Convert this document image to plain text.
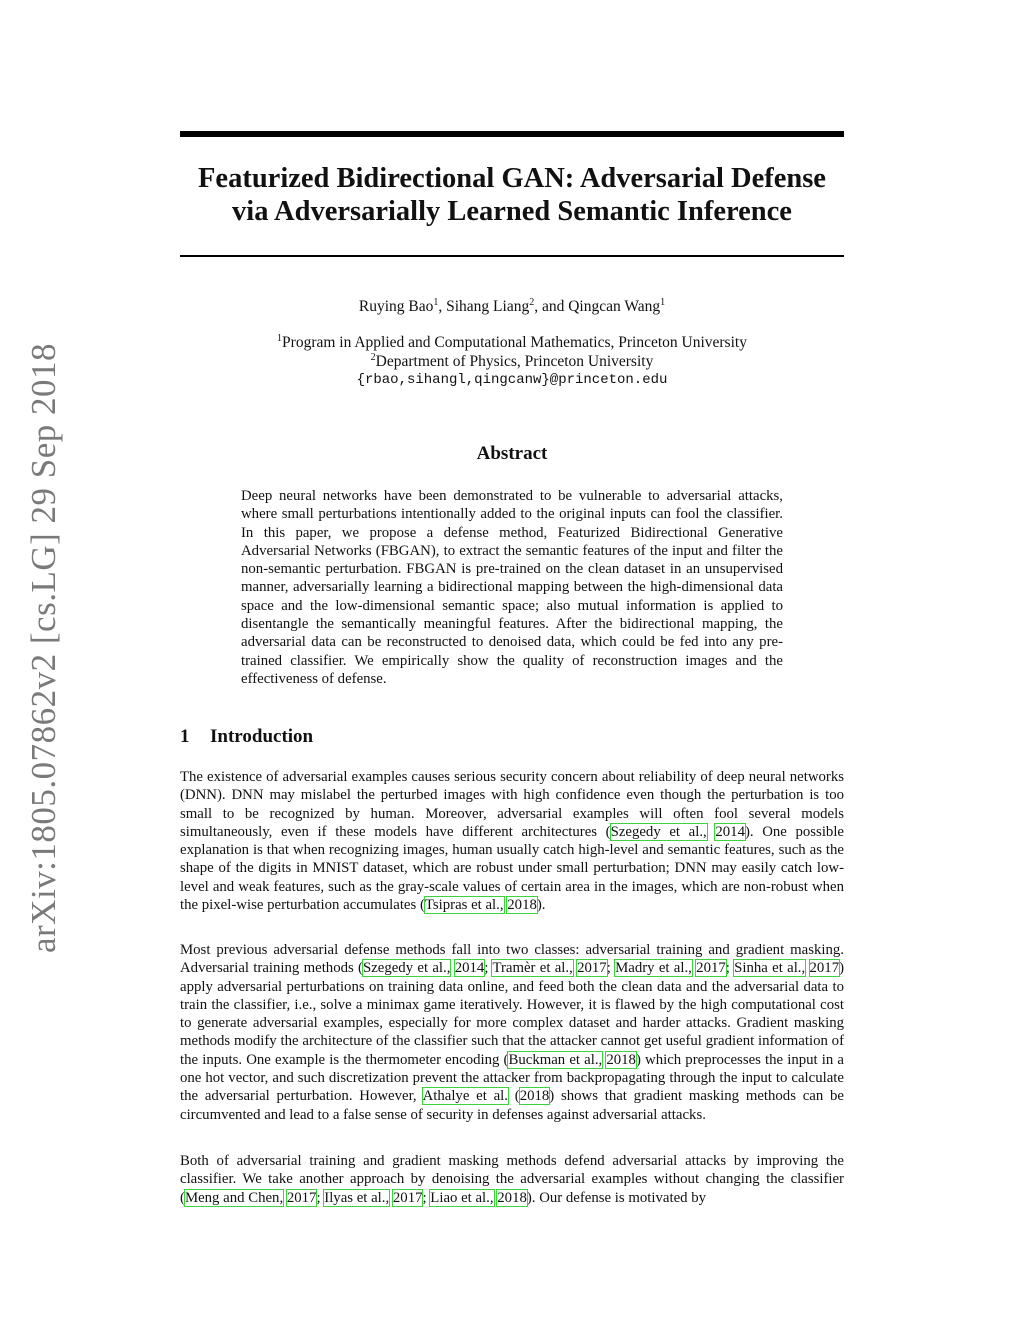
arXiv:1805.07862v2 [cs.LG] 29 Sep 2018
Featurized Bidirectional GAN: Adversarial Defense
via Adversarially Learned Semantic Inference
Ruying Bao$^1$, Sihang Liang$^2$, and Qingcan Wang$^1$
$^1$Program in Applied and Computational Mathematics, Princeton University
$^2$Department of Physics, Princeton University
{rbao,sihangl,qingcanw}@princeton.edu
Abstract

Deep neural networks have been demonstrated to be vulnerable to adversarial attacks, where small perturbations intentionally added to the original inputs can fool the classifier. In this paper, we propose a defense method, Featurized Bidirectional Generative Adversarial Networks (FBGAN), to extract the semantic features of the input and filter the non-semantic perturbation. FBGAN is pre-trained on the clean dataset in an unsupervised manner, adversarially learning a bidirectional mapping between the high-dimensional data space and the low-dimensional semantic space; also mutual information is applied to disentangle the semantically meaningful features. After the bidirectional mapping, the adversarial data can be reconstructed to denoised data, which could be fed into any pre-trained classifier. We empirically show the quality of reconstruction images and the effectiveness of defense.

1 Introduction

The existence of adversarial examples causes serious security concern about reliability of deep neural networks (DNN). DNN may mislabel the perturbed images with high confidence even though the perturbation is too small to be recognized by human. Moreover, adversarial examples will often fool several models simultaneously, even if these models have different architectures (Szegedy et al., 2014). One possible explanation is that when recognizing images, human usually catch high-level and semantic features, such as the shape of the digits in MNIST dataset, which are robust under small perturbation; DNN may easily catch low-level and weak features, such as the gray-scale values of certain area in the images, which are non-robust when the pixel-wise perturbation accumulates (Tsipras et al., 2018).

Most previous adversarial defense methods fall into two classes: adversarial training and gradient masking. Adversarial training methods (Szegedy et al., 2014; Tramèr et al., 2017; Madry et al., 2017; Sinha et al., 2017) apply adversarial perturbations on training data online, and feed both the clean data and the adversarial data to train the classifier, i.e., solve a minimax game iteratively. However, it is flawed by the high computational cost to generate adversarial examples, especially for more complex dataset and harder attacks. Gradient masking methods modify the architecture of the classifier such that the attacker cannot get useful gradient information of the inputs. One example is the thermometer encoding (Buckman et al., 2018) which preprocesses the input in a one hot vector, and such discretization prevent the attacker from backpropagating through the input to calculate the adversarial perturbation. However, Athalye et al. (2018) shows that gradient masking methods can be circumvented and lead to a false sense of security in defenses against adversarial attacks.

Both of adversarial training and gradient masking methods defend adversarial attacks by improving the classifier. We take another approach by denoising the adversarial examples without changing the classifier (Meng and Chen, 2017; Ilyas et al., 2017; Liao et al., 2018). Our defense is motivated by
